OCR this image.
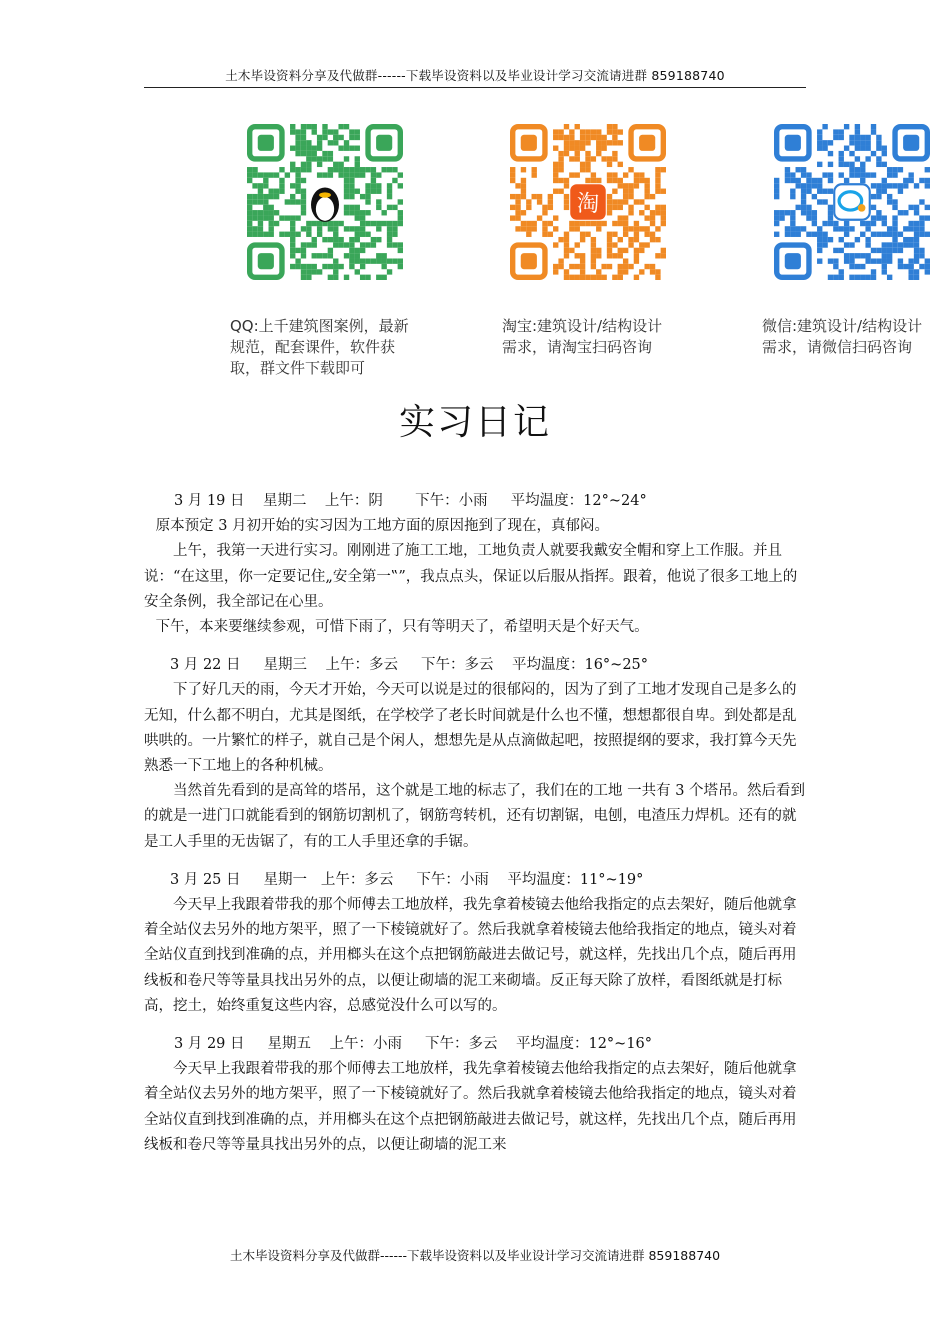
土木毕设资料分享及代做群------下载毕设资料以及毕业设计学习交流请进群 859188740
淘
QQ:上千建筑图案例，最新规范，配套课件，软件获取，群文件下载即可
淘宝:建筑设计/结构设计需求，请淘宝扫码咨询
微信:建筑设计/结构设计需求，请微信扫码咨询
实习日记
3 月 19 日    星期二    上午：阴       下午：小雨     平均温度：12°~24°

原本预定 3 月初开始的实习因为工地方面的原因拖到了现在，真郁闷。

上午，我第一天进行实习。刚刚进了施工工地，工地负责人就要我戴安全帽和穿上工作服。并且说：“在这里，你一定要记住„安全第一‟”，我点点头，保证以后服从指挥。跟着，他说了很多工地上的安全条例，我全部记在心里。

下午，本来要继续参观，可惜下雨了，只有等明天了，希望明天是个好天气。

3 月 22 日     星期三    上午：多云     下午：多云    平均温度：16°~25°

下了好几天的雨，今天才开始，今天可以说是过的很郁闷的，因为了到了工地才发现自己是多么的无知，什么都不明白，尤其是图纸，在学校学了老长时间就是什么也不懂，想想都很自卑。到处都是乱哄哄的。一片繁忙的样子，就自己是个闲人，想想先是从点滴做起吧，按照提纲的要求，我打算今天先熟悉一下工地上的各种机械。

当然首先看到的是高耸的塔吊，这个就是工地的标志了，我们在的工地 一共有 3 个塔吊。然后看到的就是一进门口就能看到的钢筋切割机了，钢筋弯转机，还有切割锯，电刨，电渣压力焊机。还有的就是工人手里的无齿锯了，有的工人手里还拿的手锯。

3 月 25 日     星期一   上午：多云     下午：小雨    平均温度：11°~19°

今天早上我跟着带我的那个师傅去工地放样，我先拿着棱镜去他给我指定的点去架好，随后他就拿着全站仪去另外的地方架平，照了一下棱镜就好了。然后我就拿着棱镜去他给我指定的地点，镜头对着全站仪直到找到准确的点，并用榔头在这个点把钢筋敲进去做记号，就这样，先找出几个点，随后再用线板和卷尺等等量具找出另外的点，以便让砌墙的泥工来砌墙。反正每天除了放样，看图纸就是打标高，挖土，始终重复这些内容，总感觉没什么可以写的。

3 月 29 日     星期五    上午：小雨     下午：多云    平均温度：12°~16°

今天早上我跟着带我的那个师傅去工地放样，我先拿着棱镜去他给我指定的点去架好，随后他就拿着全站仪去另外的地方架平，照了一下棱镜就好了。然后我就拿着棱镜去他给我指定的地点，镜头对着全站仪直到找到准确的点，并用榔头在这个点把钢筋敲进去做记号，就这样，先找出几个点，随后再用线板和卷尺等等量具找出另外的点，以便让砌墙的泥工来

土木毕设资料分享及代做群------下载毕设资料以及毕业设计学习交流请进群 859188740
